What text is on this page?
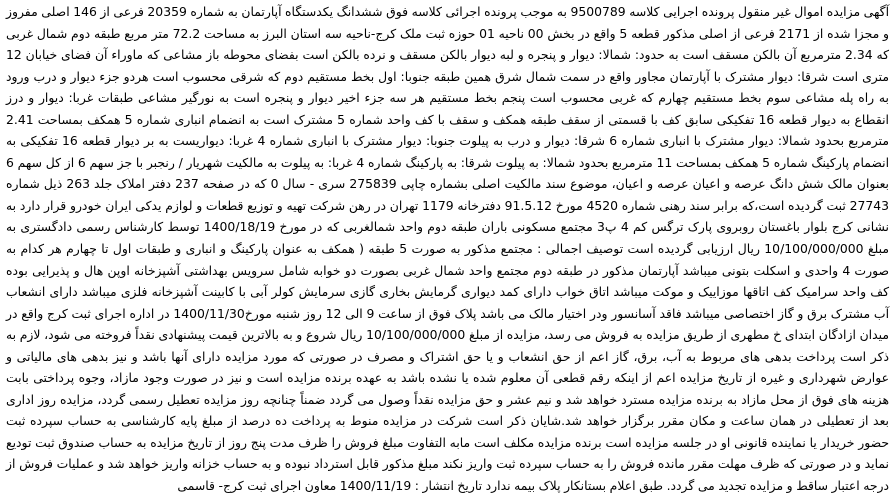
آگهی مزایده اموال غیر منقول پرونده اجرایی کلاسه 9500789 به موجب پرونده اجرائی کلاسه فوق ششدانگ یکدستگاه آپارتمان به شماره 20359 فرعی از 146 اصلی مفروز و مجزا شده از 2171 فرعی از اصلی مذکور قطعه 5 واقع در بخش 00 ناحیه 01 حوزه ثبت ملک کرج-ناحیه سه استان البرز به مساحت 72.2 متر مربع طبقه دوم شمال غربی که 2.34 مترمربع آن بالکن مسقف است به حدود: شمالا: دیوار و پنجره و لبه دیوار بالکن مسقف و نرده بالکن است بفضای محوطه باز مشاعی که ماوراء آن فضای خیابان 12 متری است شرقا: دیوار مشترک با آپارتمان مجاور واقع در سمت شمال شرق همین طبقه جنوبا: اول بخط مستقیم دوم که شرقی محسوب است هردو جزء دیوار و درب ورود به راه پله مشاعی سوم بخط مستقیم چهارم که غربی محسوب است پنجم بخط مستقیم هر سه جزء اخیر دیوار و پنجره است به نورگیر مشاعی طبقات غربا: دیوار و درز انقطاع به دیوار قطعه 16 تفکیکی سابق کف با قسمتی از سقف طبقه همکف و سقف با کف واحد شماره 5 مشترک است به انضمام انباری شماره 5 همکف بمساحت 2.41 مترمربع بحدود شمالا: دیوار مشترک با انباری شماره 6 شرقا: دیوار و درب به پیلوت جنوبا: دیوار مشترک با انباری شماره 4 غربا: دیواریست به بر دیوار قطعه 16 تفکیکی به انضمام پارکینگ شماره 5 همکف بمساحت 11 مترمربع بحدود شمالا: به پیلوت شرقا: به پارکینگ شماره 4 غربا: به پیلوت به مالکیت شهریار / رنجبر با جز سهم 6 از کل سهم 6 بعنوان مالک شش دانگ عرصه و اعیان عرصه و اعیان، موضوع سند مالکیت اصلی بشماره چاپی 275839 سری - سال 0 که در صفحه 237 دفتر املاک جلد 263 ذیل شماره 27743 ثبت گردیده است،که برابر سند رهنی شماره 4520 مورخ 91.5.12 دفترخانه 1179 تهران در رهن شرکت تهیه و توزیع قطعات و لوازم یدکی ایران خودرو قرار دارد به نشانی کرج بلوار باغستان روبروی پارک ترگس کم 4 پ3 مجتمع مسکونی باران طبقه دوم واحد شمالغربی که در مورخ 1400/18/19 توسط کارشناس رسمی دادگستری به مبلغ 10/100/000/000 ریال ارزیابی گردیده است توصیف اجمالی : مجتمع مذکور به صورت 5 طبقه ( همکف به عنوان پارکینگ و انباری و طبقات اول تا چهارم هر کدام به صورت 4 واحدی و اسکلت بتونی میباشد آپارتمان مذکور در طبقه دوم مجتمع واحد شمال غربی بصورت دو خوابه شامل سرویس بهداشتی آشپزخانه اوپن هال و پذیرایی بوده کف واحد سرامیک کف اتاقها موزاییک و موکت میباشد اتاق خواب دارای کمد دیواری گرمایش بخاری گازی سرمایش کولر آبی با کابینت آشپزخانه فلزی میباشد دارای انشعاب آب مشترک برق و گاز اختصاصی میباشد فاقد آسانسور ودر اختیار مالک می باشد پلاک فوق از ساعت 9 الی 12 روز شنبه مورخ1400/11/30 در اداره اجرای ثبت کرج واقع در میدان ازادگان ابتدای خ مطهری از طریق مزایده به فروش می رسد، مزایده از مبلغ 10/100/000/000 ریال شروع و به بالاترین قیمت پیشنهادی نقداً فروخته می شود، لازم به ذکر است پرداخت بدهی های مربوط به آب، برق، گاز اعم از حق انشعاب و یا حق اشتراک و مصرف در صورتی که مورد مزایده دارای آنها باشد و نیز بدهی های مالیاتی و عوارض شهرداری و غیره از تاریخ مزایده اعم از اینکه رقم قطعی آن معلوم شده یا نشده باشد به عهده برنده مزایده است و نیز در صورت وجود مازاد، وجوه پرداختی بابت هزینه های فوق از محل مازاد به برنده مزایده مسترد خواهد شد و نیم عشر و حق مزایده نقداً وصول می گردد ضمناً چنانچه روز مزایده تعطیل رسمی گردد، مزایده روز اداری بعد از تعطیلی در همان ساعت و مکان مقرر برگزار خواهد شد.شایان ذکر است شرکت در مزایده منوط به پرداخت ده درصد از مبلغ پایه کارشناسی به حساب سپرده ثبت حضور خریدار یا نماینده قانونی او در جلسه مزایده است برنده مزایده مکلف است مابه التفاوت مبلغ فروش را ظرف مدت پنج روز از تاریخ مزایده به حساب صندوق ثبت تودیع نماید و در صورتی که ظرف مهلت مقرر مانده فروش را به حساب سپرده ثبت واریز نکند مبلغ مذکور قابل استرداد نبوده و به حساب خزانه واریز خواهد شد و عملیات فروش از درجه اعتبار ساقط و مزایده تجدید می گردد. طبق اعلام بستانکار پلاک بیمه ندارد تاریخ انتشار : 1400/11/19 معاون اجرای ثبت کرج- قاسمی
